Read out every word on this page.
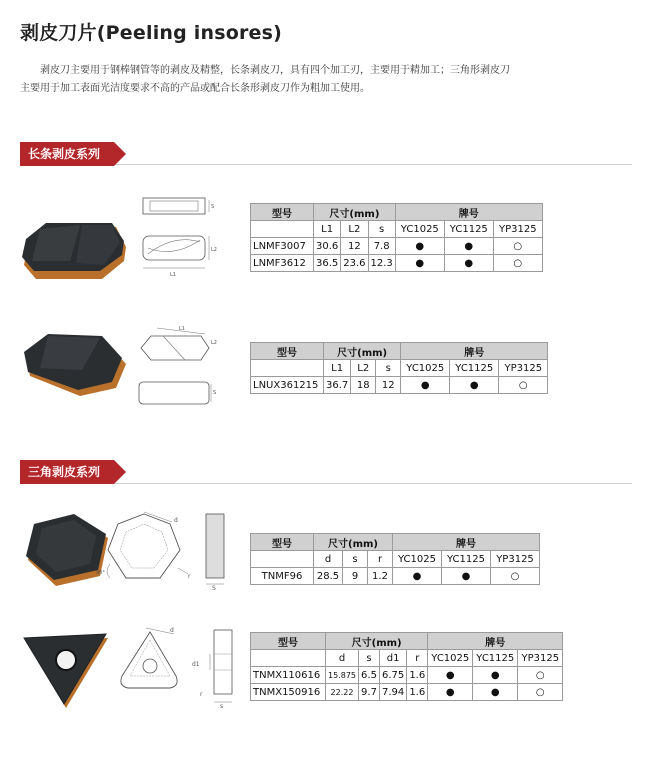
剥皮刀片(Peeling insores)
剥皮刀主要用于钢棒钢管等的剥皮及精整，长条剥皮刀，具有四个加工刃，主要用于精加工；三角形剥皮刀
主要用于加工表面光洁度要求不高的产品或配合长条形剥皮刀作为粗加工使用。
长条剥皮系列
L1
L2
S
型号	尺寸(mm)			牌号		
	L1	L2	s	YC1025	YC1125	YP3125
LNMF3007	30.6	12	7.8	●	●	○
LNMF3612	36.5	23.6	12.3	●	●	○
L1
L2
S
型号	尺寸(mm)			牌号		
	L1	L2	s	YC1025	YC1125	YP3125
LNUX361215	36.7	18	12	●	●	○
三角剥皮系列
d
r
S
90°
型号	尺寸(mm)			牌号		
	d	s	r	YC1025	YC1125	YP3125
TNMF96	28.5	9	1.2	●	●	○
d
d1
r
s
型号	尺寸(mm)				牌号		
	d	s	d1	r	YC1025	YC1125	YP3125
TNMX110616	15.875	6.5	6.75	1.6	●	●	○
TNMX150916	22.22	9.7	7.94	1.6	●	●	○
